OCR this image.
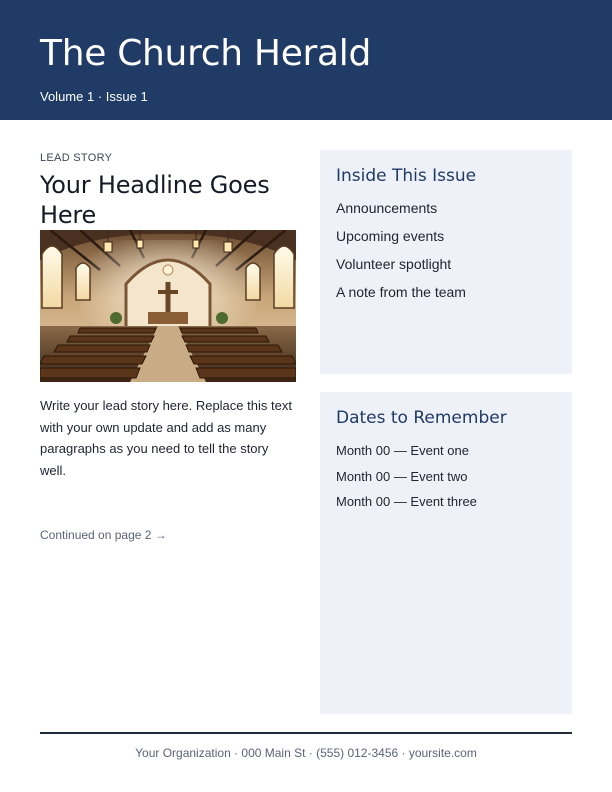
The Church Herald
Volume 1 · Issue 1
LEAD STORY
Your Headline Goes Here

Write your lead story here. Replace this text with your own update and add as many paragraphs as you need to tell the story well.

Continued on page 2 →
Inside This Issue
Announcements
Upcoming events
Volunteer spotlight
A note from the team
Dates to Remember
Month 00 — Event one
Month 00 — Event two
Month 00 — Event three
Your Organization · 000 Main St · (555) 012-3456 · yoursite.com
